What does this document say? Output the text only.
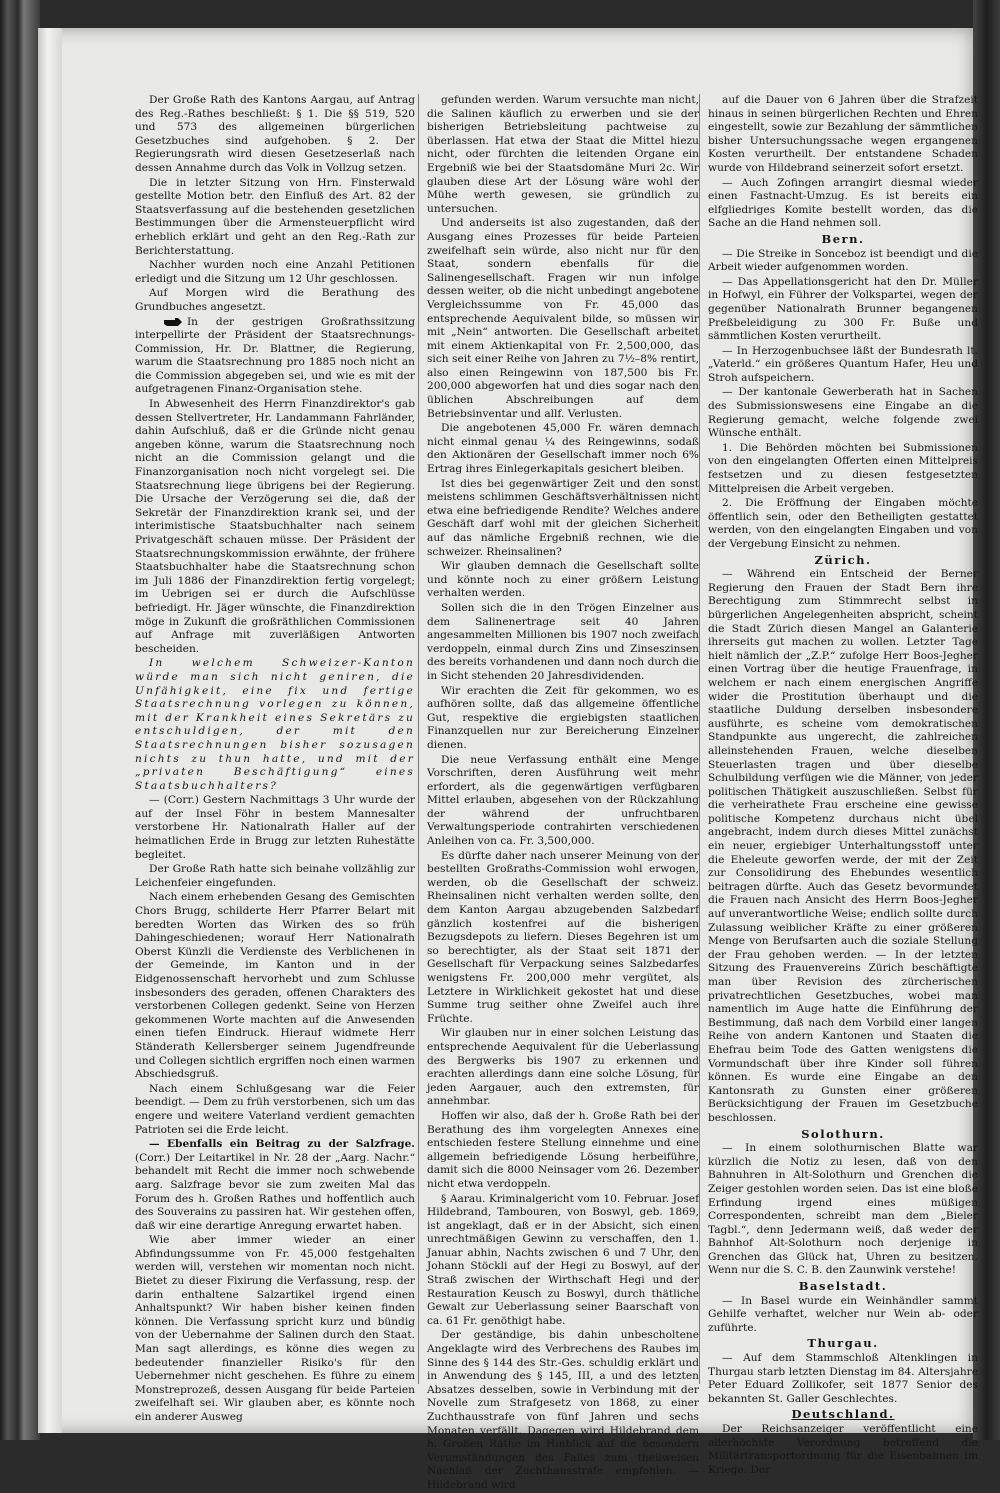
Der Große Rath des Kantons Aargau, auf Antrag des Reg.-Rathes beschließt: § 1. Die §§ 519, 520 und 573 des allgemeinen bürgerlichen Gesetzbuches sind aufgehoben. § 2. Der Regierungsrath wird diesen Gesetzeserlaß nach dessen Annahme durch das Volk in Vollzug setzen.

Die in letzter Sitzung von Hrn. Finsterwald gestellte Motion betr. den Einfluß des Art. 82 der Staatsverfassung auf die bestehenden gesetzlichen Bestimmungen über die Armensteuerpflicht wird erheblich erklärt und geht an den Reg.-Rath zur Berichterstattung.

Nachher wurden noch eine Anzahl Petitionen erledigt und die Sitzung um 12 Uhr geschlossen.

Auf Morgen wird die Berathung des Grundbuches angesetzt.

In der gestrigen Großrathssitzung interpellirte der Präsident der Staatsrechnungs-Commission, Hr. Dr. Blattner, die Regierung, warum die Staatsrechnung pro 1885 noch nicht an die Commission abgegeben sei, und wie es mit der aufgetragenen Finanz-Organisation stehe.

In Abwesenheit des Herrn Finanzdirektor's gab dessen Stellvertreter, Hr. Landammann Fahrländer, dahin Aufschluß, daß er die Gründe nicht genau angeben könne, warum die Staatsrechnung noch nicht an die Commission gelangt und die Finanzorganisation noch nicht vorgelegt sei. Die Staatsrechnung liege übrigens bei der Regierung. Die Ursache der Verzögerung sei die, daß der Sekretär der Finanzdirektion krank sei, und der interimistische Staatsbuchhalter nach seinem Privatgeschäft schauen müsse. Der Präsident der Staatsrechnungskommission erwähnte, der frühere Staatsbuchhalter habe die Staatsrechnung schon im Juli 1886 der Finanzdirektion fertig vorgelegt; im Uebrigen sei er durch die Aufschlüsse befriedigt. Hr. Jäger wünschte, die Finanzdirektion möge in Zukunft die großräthlichen Commissionen auf Anfrage mit zuverläßigen Antworten bescheiden.

In welchem Schweizer-Kanton würde man sich nicht geniren, die Unfähigkeit, eine fix und fertige Staatsrechnung vorlegen zu können, mit der Krankheit eines Sekretärs zu entschuldigen, der mit den Staatsrechnungen bisher sozusagen nichts zu thun hatte, und mit der „privaten Beschäftigung“ eines Staatsbuchhalters?

— (Corr.) Gestern Nachmittags 3 Uhr wurde der auf der Insel Föhr in bestem Mannesalter verstorbene Hr. Nationalrath Haller auf der heimatlichen Erde in Brugg zur letzten Ruhestätte begleitet.

Der Große Rath hatte sich beinahe vollzählig zur Leichenfeier eingefunden.

Nach einem erhebenden Gesang des Gemischten Chors Brugg, schilderte Herr Pfarrer Belart mit beredten Worten das Wirken des so früh Dahingeschiedenen; worauf Herr Nationalrath Oberst Künzli die Verdienste des Verblichenen in der Gemeinde, im Kanton und in der Eidgenossenschaft hervorhebt und zum Schlusse insbesonders des geraden, offenen Charakters des verstorbenen Collegen gedenkt. Seine von Herzen gekommenen Worte machten auf die Anwesenden einen tiefen Eindruck. Hierauf widmete Herr Ständerath Kellersberger seinem Jugendfreunde und Collegen sichtlich ergriffen noch einen warmen Abschiedsgruß.

Nach einem Schlußgesang war die Feier beendigt. — Dem zu früh verstorbenen, sich um das engere und weitere Vaterland verdient gemachten Patrioten sei die Erde leicht.

— Ebenfalls ein Beitrag zu der Salzfrage. (Corr.) Der Leitartikel in Nr. 28 der „Aarg. Nachr.“ behandelt mit Recht die immer noch schwebende aarg. Salzfrage bevor sie zum zweiten Mal das Forum des h. Großen Rathes und hoffentlich auch des Souverains zu passiren hat. Wir gestehen offen, daß wir eine derartige Anregung erwartet haben.

Wie aber immer wieder an einer Abfindungssumme von Fr. 45,000 festgehalten werden will, verstehen wir momentan noch nicht. Bietet zu dieser Fixirung die Verfassung, resp. der darin enthaltene Salzartikel irgend einen Anhaltspunkt? Wir haben bisher keinen finden können. Die Verfassung spricht kurz und bündig von der Uebernahme der Salinen durch den Staat. Man sagt allerdings, es könne dies wegen zu bedeutender finanzieller Risiko's für den Uebernehmer nicht geschehen. Es führe zu einem Monstreprozeß, dessen Ausgang für beide Parteien zweifelhaft sei. Wir glauben aber, es könnte noch ein anderer Ausweg

gefunden werden. Warum versuchte man nicht, die Salinen käuflich zu erwerben und sie der bisherigen Betriebsleitung pachtweise zu überlassen. Hat etwa der Staat die Mittel hiezu nicht, oder fürchten die leitenden Organe ein Ergebniß wie bei der Staatsdomäne Muri 2c. Wir glauben diese Art der Lösung wäre wohl der Mühe werth gewesen, sie gründlich zu untersuchen.

Und anderseits ist also zugestanden, daß der Ausgang eines Prozesses für beide Parteien zweifelhaft sein würde, also nicht nur für den Staat, sondern ebenfalls für die Salinengesellschaft. Fragen wir nun infolge dessen weiter, ob die nicht unbedingt angebotene Vergleichssumme von Fr. 45,000 das entsprechende Aequivalent bilde, so müssen wir mit „Nein“ antworten. Die Gesellschaft arbeitet mit einem Aktienkapital von Fr. 2,500,000, das sich seit einer Reihe von Jahren zu 7½–8% rentirt, also einen Reingewinn von 187,500 bis Fr. 200,000 abgeworfen hat und dies sogar nach den üblichen Abschreibungen auf dem Betriebsinventar und allf. Verlusten.

Die angebotenen 45,000 Fr. wären demnach nicht einmal genau ¼ des Reingewinns, sodaß den Aktionären der Gesellschaft immer noch 6% Ertrag ihres Einlegerkapitals gesichert bleiben.

Ist dies bei gegenwärtiger Zeit und den sonst meistens schlimmen Geschäftsverhältnissen nicht etwa eine befriedigende Rendite? Welches andere Geschäft darf wohl mit der gleichen Sicherheit auf das nämliche Ergebniß rechnen, wie die schweizer. Rheinsalinen?

Wir glauben demnach die Gesellschaft sollte und könnte noch zu einer größern Leistung verhalten werden.

Sollen sich die in den Trögen Einzelner aus dem Salinenertrage seit 40 Jahren angesammelten Millionen bis 1907 noch zweifach verdoppeln, einmal durch Zins und Zinseszinsen des bereits vorhandenen und dann noch durch die in Sicht stehenden 20 Jahresdividenden.

Wir erachten die Zeit für gekommen, wo es aufhören sollte, daß das allgemeine öffentliche Gut, respektive die ergiebigsten staatlichen Finanzquellen nur zur Bereicherung Einzelner dienen.

Die neue Verfassung enthält eine Menge Vorschriften, deren Ausführung weit mehr erfordert, als die gegenwärtigen verfügbaren Mittel erlauben, abgesehen von der Rückzahlung der während der unfruchtbaren Verwaltungsperiode contrahirten verschiedenen Anleihen von ca. Fr. 3,500,000.

Es dürfte daher nach unserer Meinung von der bestellten Großraths-Commission wohl erwogen, werden, ob die Gesellschaft der schweiz. Rheinsalinen nicht verhalten werden sollte, den dem Kanton Aargau abzugebenden Salzbedarf gänzlich kostenfrei auf die bisherigen Bezugsdepots zu liefern. Dieses Begehren ist um so berechtigter, als der Staat seit 1871 der Gesellschaft für Verpackung seines Salzbedarfes wenigstens Fr. 200,000 mehr vergütet, als Letztere in Wirklichkeit gekostet hat und diese Summe trug seither ohne Zweifel auch ihre Früchte.

Wir glauben nur in einer solchen Leistung das entsprechende Aequivalent für die Ueberlassung des Bergwerks bis 1907 zu erkennen und erachten allerdings dann eine solche Lösung, für jeden Aargauer, auch den extremsten, für annehmbar.

Hoffen wir also, daß der h. Große Rath bei der Berathung des ihm vorgelegten Annexes eine entschieden festere Stellung einnehme und eine allgemein befriedigende Lösung herbeiführe, damit sich die 8000 Neinsager vom 26. Dezember nicht etwa verdoppeln.

§ Aarau. Kriminalgericht vom 10. Februar. Josef Hildebrand, Tambouren, von Boswyl, geb. 1869, ist angeklagt, daß er in der Absicht, sich einen unrechtmäßigen Gewinn zu verschaffen, den 1. Januar abhin, Nachts zwischen 6 und 7 Uhr, den Johann Stöckli auf der Hegi zu Boswyl, auf der Straß zwischen der Wirthschaft Hegi und der Restauration Keusch zu Boswyl, durch thätliche Gewalt zur Ueberlassung seiner Baarschaft von ca. 61 Fr. genöthigt habe.

Der geständige, bis dahin unbescholtene Angeklagte wird des Verbrechens des Raubes im Sinne des § 144 des Str.-Ges. schuldig erklärt und in Anwendung des § 145, III, a und des letzten Absatzes desselben, sowie in Verbindung mit der Novelle zum Strafgesetz von 1868, zu einer Zuchthausstrafe von fünf Jahren und sechs Monaten verfällt. Dagegen wird Hildebrand dem h. Großen Rathe im Hinblick auf die besondern Verumständungen des Falles zum theilweisen Nachlaß der Zuchthausstrafe empfohlen. — Hildebrand wird

auf die Dauer von 6 Jahren über die Strafzeit hinaus in seinen bürgerlichen Rechten und Ehren eingestellt, sowie zur Bezahlung der sämmtlichen bisher Untersuchungssache wegen ergangenen Kosten verurtheilt. Der entstandene Schaden wurde von Hildebrand seinerzeit sofort ersetzt.

— Auch Zofingen arrangirt diesmal wieder einen Fastnacht-Umzug. Es ist bereits ein elfgliedriges Komite bestellt worden, das die Sache an die Hand nehmen soll.

Bern.

— Die Streike in Sonceboz ist beendigt und die Arbeit wieder aufgenommen worden.

— Das Appellationsgericht hat den Dr. Müller in Hofwyl, ein Führer der Volkspartei, wegen der gegenüber Nationalrath Brunner begangenen Preßbeleidigung zu 300 Fr. Buße und sämmtlichen Kosten verurtheilt.

— In Herzogenbuchsee läßt der Bundesrath lt. „Vaterld.“ ein größeres Quantum Hafer, Heu und Stroh aufspeichern.

— Der kantonale Gewerberath hat in Sachen des Submissionswesens eine Eingabe an die Regierung gemacht, welche folgende zwei Wünsche enthält.

1. Die Behörden möchten bei Submissionen von den eingelangten Offerten einen Mittelpreis festsetzen und zu diesen festgesetzten Mittelpreisen die Arbeit vergeben.

2. Die Eröffnung der Eingaben möchte öffentlich sein, oder den Betheiligten gestattet werden, von den eingelangten Eingaben und von der Vergebung Einsicht zu nehmen.

Zürich.

— Während ein Entscheid der Berner Regierung den Frauen der Stadt Bern ihre Berechtigung zum Stimmrecht selbst in bürgerlichen Angelegenheiten abspricht, scheint die Stadt Zürich diesen Mangel an Galanterie ihrerseits gut machen zu wollen. Letzter Tage hielt nämlich der „Z.P.“ zufolge Herr Boos-Jegher einen Vortrag über die heutige Frauenfrage, in welchem er nach einem energischen Angriffe wider die Prostitution überhaupt und die staatliche Duldung derselben insbesondere ausführte, es scheine vom demokratischen Standpunkte aus ungerecht, die zahlreichen alleinstehenden Frauen, welche dieselben Steuerlasten tragen und über dieselbe Schulbildung verfügen wie die Männer, von jeder politischen Thätigkeit auszuschließen. Selbst für die verheirathete Frau erscheine eine gewisse politische Kompetenz durchaus nicht übel angebracht, indem durch dieses Mittel zunächst ein neuer, ergiebiger Unterhaltungsstoff unter die Eheleute geworfen werde, der mit der Zeit zur Consolidirung des Ehebundes wesentlich beitragen dürfte. Auch das Gesetz bevormundet die Frauen nach Ansicht des Herrn Boos-Jegher auf unverantwortliche Weise; endlich sollte durch Zulassung weiblicher Kräfte zu einer größeren Menge von Berufsarten auch die soziale Stellung der Frau gehoben werden. — In der letzten Sitzung des Frauenvereins Zürich beschäftigte man über Revision des zürcherischen privatrechtlichen Gesetzbuches, wobei man namentlich im Auge hatte die Einführung der Bestimmung, daß nach dem Vorbild einer langen Reihe von andern Kantonen und Staaten die Ehefrau beim Tode des Gatten wenigstens die Vormundschaft über ihre Kinder soll führen können. Es wurde eine Eingabe an den Kantonsrath zu Gunsten einer größeren Berücksichtigung der Frauen im Gesetzbuche beschlossen.

Solothurn.

— In einem solothurnischen Blatte war kürzlich die Notiz zu lesen, daß von den Bahnuhren in Alt-Solothurn und Grenchen die Zeiger gestohlen worden seien. Das ist eine bloße Erfindung irgend eines müßigen Correspondenten, schreibt man dem „Bieler Tagbl.“, denn Jedermann weiß, daß weder der Bahnhof Alt-Solothurn noch derjenige in Grenchen das Glück hat, Uhren zu besitzen. Wenn nur die S. C. B. den Zaunwink verstehe!

Baselstadt.

— In Basel wurde ein Weinhändler sammt Gehilfe verhaftet, welcher nur Wein ab- oder zuführte.

Thurgau.

— Auf dem Stammschloß Altenklingen in Thurgau starb letzten Dienstag im 84. Altersjahre Peter Eduard Zollikofer, seit 1877 Senior des bekannten St. Galler Geschlechtes.

Deutschland.

Der Reichsanzeiger veröffentlicht eine allerhöchste Verordnung betreffend die Militärtransportordnung für die Eisenbahnen im Kriege. Der
